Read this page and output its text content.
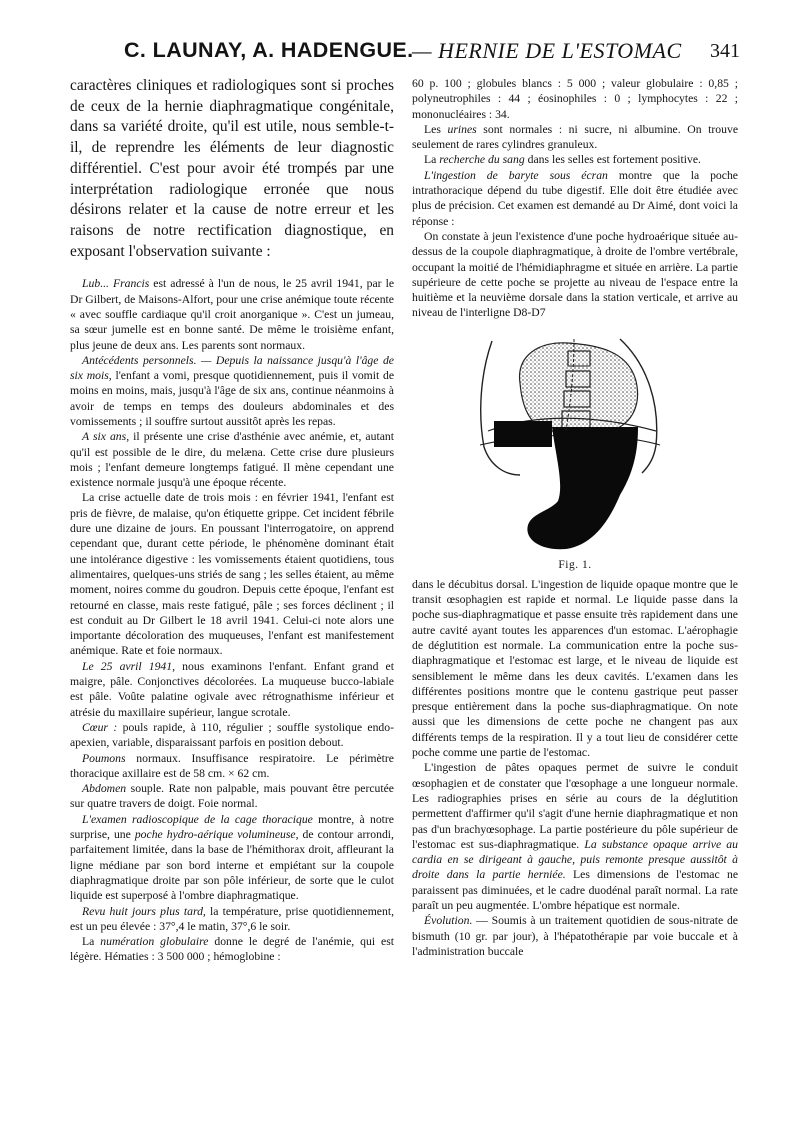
C. LAUNAY, A. HADENGUE.
— HERNIE DE L'ESTOMAC 341

caractères cliniques et radiologiques sont si proches de ceux de la hernie diaphragmatique congénitale, dans sa variété droite, qu'il est utile, nous semble-t-il, de reprendre les éléments de leur diagnostic différentiel. C'est pour avoir été trompés par une interprétation radiologique erronée que nous désirons relater et la cause de notre erreur et les raisons de notre rectification diagnostique, en exposant l'observation suivante :

Lub... Francis est adressé à l'un de nous, le 25 avril 1941, par le Dr Gilbert, de Maisons-Alfort, pour une crise anémique toute récente « avec souffle cardiaque qu'il croit anorganique ». C'est un jumeau, sa sœur jumelle est en bonne santé. De même le troisième enfant, plus jeune de deux ans. Les parents sont normaux.

Antécédents personnels. — Depuis la naissance jusqu'à l'âge de six mois, l'enfant a vomi, presque quotidiennement, puis il vomit de moins en moins, mais, jusqu'à l'âge de six ans, continue néanmoins à avoir de temps en temps des douleurs abdominales et des vomissements ; il souffre surtout aussitôt après les repas.

A six ans, il présente une crise d'asthénie avec anémie, et, autant qu'il est possible de le dire, du melæna. Cette crise dure plusieurs mois ; l'enfant demeure longtemps fatigué. Il mène cependant une existence normale jusqu'à une époque récente.

La crise actuelle date de trois mois : en février 1941, l'enfant est pris de fièvre, de malaise, qu'on étiquette grippe. Cet incident fébrile dure une dizaine de jours. En poussant l'interrogatoire, on apprend cependant que, durant cette période, le phénomène dominant était une intolérance digestive : les vomissements étaient quotidiens, tous alimentaires, quelques-uns striés de sang ; les selles étaient, au même moment, noires comme du goudron. Depuis cette époque, l'enfant est retourné en classe, mais reste fatigué, pâle ; ses forces déclinent ; il est conduit au Dr Gilbert le 18 avril 1941. Celui-ci note alors une importante décoloration des muqueuses, l'enfant est manifestement anémique. Rate et foie normaux.

Le 25 avril 1941, nous examinons l'enfant. Enfant grand et maigre, pâle. Conjonctives décolorées. La muqueuse bucco-labiale est pâle. Voûte palatine ogivale avec rétrognathisme inférieur et atrésie du maxillaire supérieur, langue scrotale.

Cœur : pouls rapide, à 110, régulier ; souffle systolique endo-apexien, variable, disparaissant parfois en position debout.

Poumons normaux. Insuffisance respiratoire. Le périmètre thoracique axillaire est de 58 cm. × 62 cm.

Abdomen souple. Rate non palpable, mais pouvant être percutée sur quatre travers de doigt. Foie normal.

L'examen radioscopique de la cage thoracique montre, à notre surprise, une poche hydro-aérique volumineuse, de contour arrondi, parfaitement limitée, dans la base de l'hémithorax droit, affleurant la ligne médiane par son bord interne et empiétant sur la coupole diaphragmatique droite par son pôle inférieur, de sorte que le culot liquide est superposé à l'ombre diaphragmatique.

Revu huit jours plus tard, la température, prise quotidiennement, est un peu élevée : 37°,4 le matin, 37°,6 le soir.

La numération globulaire donne le degré de l'anémie, qui est légère. Hématies : 3 500 000 ; hémoglobine :

60 p. 100 ; globules blancs : 5 000 ; valeur globulaire : 0,85 ; polyneutrophiles : 44 ; éosinophiles : 0 ; lymphocytes : 22 ; mononucléaires : 34.

Les urines sont normales : ni sucre, ni albumine. On trouve seulement de rares cylindres granuleux.

La recherche du sang dans les selles est fortement positive.

L'ingestion de baryte sous écran montre que la poche intrathoracique dépend du tube digestif. Elle doit être étudiée avec plus de précision. Cet examen est demandé au Dr Aimé, dont voici la réponse :

On constate à jeun l'existence d'une poche hydroaérique située au-dessus de la coupole diaphragmatique, à droite de l'ombre vertébrale, occupant la moitié de l'hémidiaphragme et située en arrière. La partie supérieure de cette poche se projette au niveau de l'espace entre la huitième et la neuvième dorsale dans la station verticale, et arrive au niveau de l'interligne D8-D7

Fig. 1.

dans le décubitus dorsal. L'ingestion de liquide opaque montre que le transit œsophagien est rapide et normal. Le liquide passe dans la poche sus-diaphragmatique et passe ensuite très rapidement dans une autre cavité ayant toutes les apparences d'un estomac. L'aérophagie de déglutition est normale. La communication entre la poche sus-diaphragmatique et l'estomac est large, et le niveau de liquide est sensiblement le même dans les deux cavités. L'examen dans les différentes positions montre que le contenu gastrique peut passer presque entièrement dans la poche sus-diaphragmatique. On note aussi que les dimensions de cette poche ne changent pas aux différents temps de la respiration. Il y a tout lieu de considérer cette poche comme une partie de l'estomac.

L'ingestion de pâtes opaques permet de suivre le conduit œsophagien et de constater que l'œsophage a une longueur normale. Les radiographies prises en série au cours de la déglutition permettent d'affirmer qu'il s'agit d'une hernie diaphragmatique et non pas d'un brachyœsophage. La partie postérieure du pôle supérieur de l'estomac est sus-diaphragmatique. La substance opaque arrive au cardia en se dirigeant à gauche, puis remonte presque aussitôt à droite dans la partie herniée. Les dimensions de l'estomac ne paraissent pas diminuées, et le cadre duodénal paraît normal. La rate paraît un peu augmentée. L'ombre hépatique est normale.

Évolution. — Soumis à un traitement quotidien de sous-nitrate de bismuth (10 gr. par jour), à l'hépatothérapie par voie buccale et à l'administration buccale
